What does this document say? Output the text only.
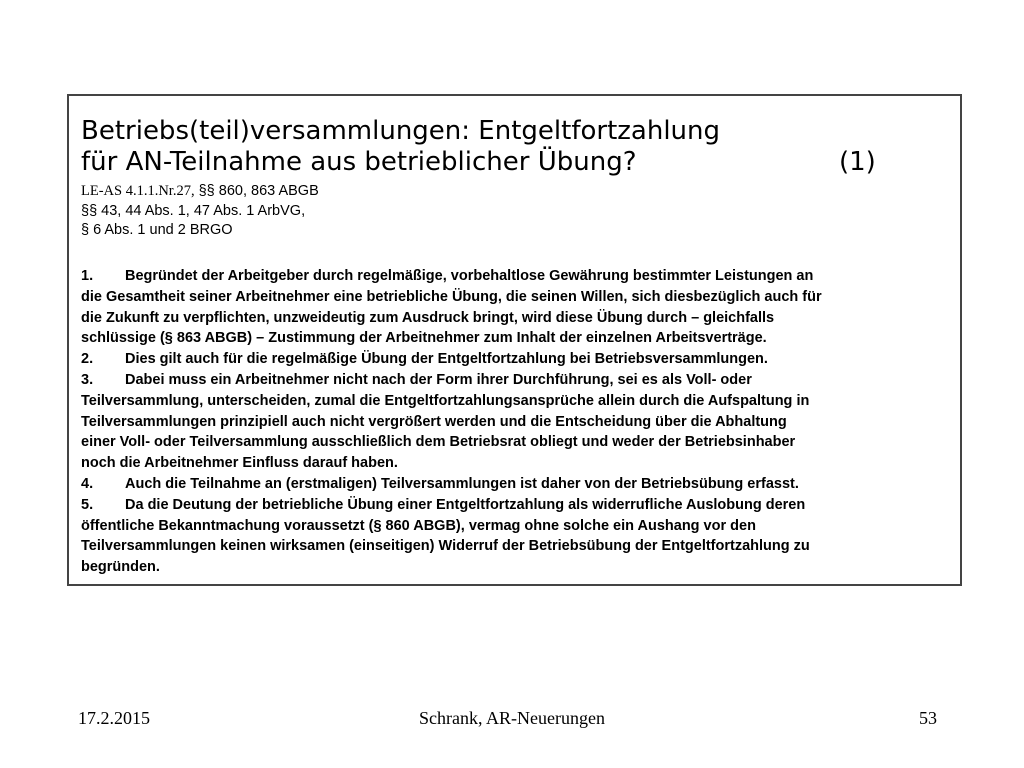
Betriebs(teil)versammlungen: Entgeltfortzahlung
für AN-Teilnahme aus betrieblicher Übung?	(1)
LE-AS 4.1.1.Nr.27, §§ 860, 863 ABGB
§§ 43, 44 Abs. 1, 47 Abs. 1 ArbVG,
§ 6 Abs. 1 und 2 BRGO
1. Begründet der Arbeitgeber durch regelmäßige, vorbehaltlose Gewährung bestimmter Leistungen an
die Gesamtheit seiner Arbeitnehmer eine betriebliche Übung, die seinen Willen, sich diesbezüglich auch für
die Zukunft zu verpflichten, unzweideutig zum Ausdruck bringt, wird diese Übung durch – gleichfalls
schlüssige (§ 863 ABGB) – Zustimmung der Arbeitnehmer zum Inhalt der einzelnen Arbeitsverträge.
2. Dies gilt auch für die regelmäßige Übung der Entgeltfortzahlung bei Betriebsversammlungen.
3. Dabei muss ein Arbeitnehmer nicht nach der Form ihrer Durchführung, sei es als Voll- oder
Teilversammlung, unterscheiden, zumal die Entgeltfortzahlungsansprüche allein durch die Aufspaltung in
Teilversammlungen prinzipiell auch nicht vergrößert werden und die Entscheidung über die Abhaltung
einer Voll- oder Teilversammlung ausschließlich dem Betriebsrat obliegt und weder der Betriebsinhaber
noch die Arbeitnehmer Einfluss darauf haben.
4. Auch die Teilnahme an (erstmaligen) Teilversammlungen ist daher von der Betriebsübung erfasst.
5. Da die Deutung der betriebliche Übung einer Entgeltfortzahlung als widerrufliche Auslobung deren
öffentliche Bekanntmachung voraussetzt (§ 860 ABGB), vermag ohne solche ein Aushang vor den
Teilversammlungen keinen wirksamen (einseitigen) Widerruf der Betriebsübung der Entgeltfortzahlung zu
begründen.
17.2.2015	Schrank, AR-Neuerungen	53
